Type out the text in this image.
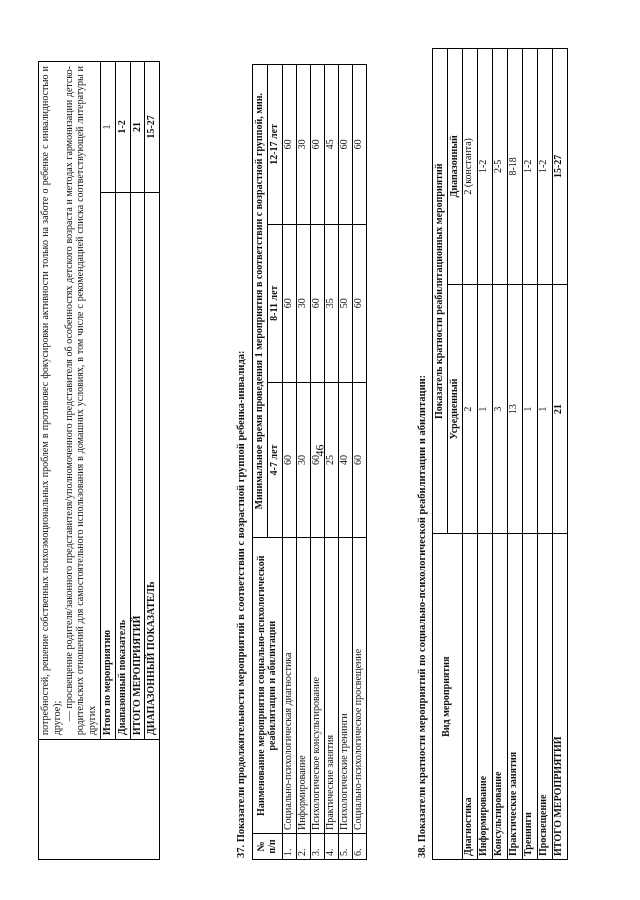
46

	потребностей, решение собственных психоэмоциональных проблем в противовес фокусировки активности только на заботе о ребенке с инвалидностью и другое); — просвещение родителя/законного представителя/уполномоченного представителя об особенностях детского возраста и методах гармонизации детско-родительских отношений для самостоятельного использования в домашних условиях, в том числе с рекомендацией списка соответствующей литературы и других	

	Итого по мероприятию	1
	Диапазонный показатель	1-2
	ИТОГО МЕРОПРИЯТИЙ	21
	ДИАПАЗОННЫЙ ПОКАЗАТЕЛЬ	15-27
37. Показатели продолжительности мероприятий в соответствии с возрастной группой ребенка-инвалида: № п/п	Наименование мероприятия социально-психологической реабилитации и абилитации	Минимальное время проведения 1 мероприятия в соответствии с возрастной группой, мин.		
		4-7 лет	8-11 лет	12-17 лет
1.	Социально-психологическая диагностика	60	60	60
2.	Информирование	30	30	30
3.	Психологическое консультирование	60	60	60
4.	Практические занятия	25	35	45
5.	Психологические тренинги	40	50	60
6.	Социально-психологическое просвещение	60	60	60
38. Показатели кратности мероприятий по социально-психологической реабилитации и абилитации: Вид мероприятия	Показатель кратности реабилитационных мероприятий	
	Усредненный	Диапазонный
Диагностика	2	2 (константа)
Информирование	1	1-2
Консультирование	3	2-5
Практические занятия	13	8-18
Тренинги	1	1-2
Просвещение	1	1-2
ИТОГО МЕРОПРИЯТИЙ	21	15-27
